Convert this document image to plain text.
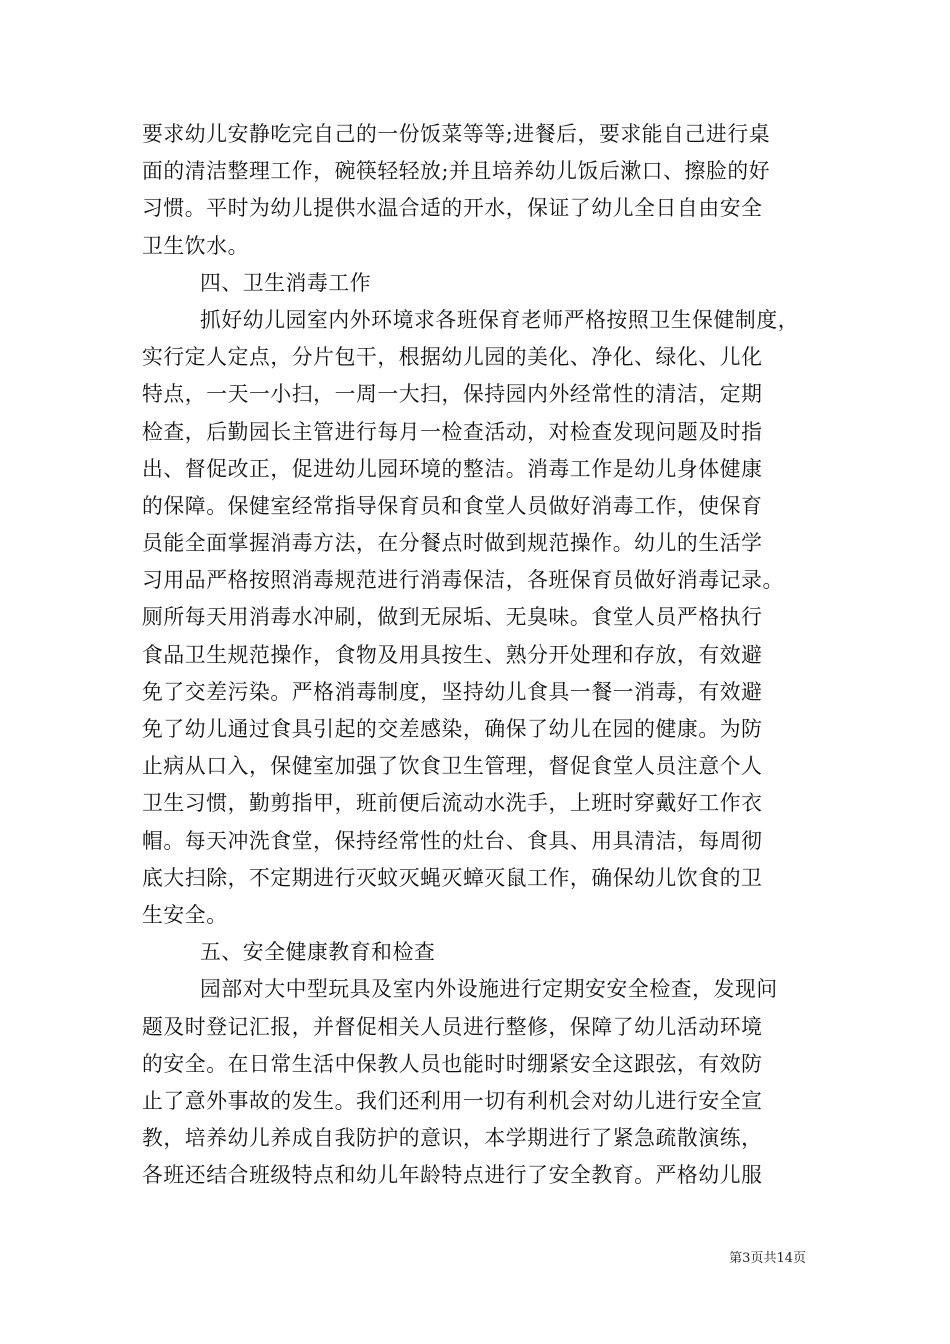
要求幼儿安静吃完自己的一份饭菜等等;进餐后，要求能自己进行桌
面的清洁整理工作，碗筷轻轻放;并且培养幼儿饭后漱口、擦脸的好
习惯。平时为幼儿提供水温合适的开水，保证了幼儿全日自由安全
卫生饮水。
四、卫生消毒工作
抓好幼儿园室内外环境求各班保育老师严格按照卫生保健制度，
实行定人定点，分片包干，根据幼儿园的美化、净化、绿化、儿化
特点，一天一小扫，一周一大扫，保持园内外经常性的清洁，定期
检查，后勤园长主管进行每月一检查活动，对检查发现问题及时指
出、督促改正，促进幼儿园环境的整洁。消毒工作是幼儿身体健康
的保障。保健室经常指导保育员和食堂人员做好消毒工作，使保育
员能全面掌握消毒方法，在分餐点时做到规范操作。幼儿的生活学
习用品严格按照消毒规范进行消毒保洁，各班保育员做好消毒记录。
厕所每天用消毒水冲刷，做到无尿垢、无臭味。食堂人员严格执行
食品卫生规范操作，食物及用具按生、熟分开处理和存放，有效避
免了交差污染。严格消毒制度，坚持幼儿食具一餐一消毒，有效避
免了幼儿通过食具引起的交差感染，确保了幼儿在园的健康。为防
止病从口入，保健室加强了饮食卫生管理，督促食堂人员注意个人
卫生习惯，勤剪指甲，班前便后流动水洗手，上班时穿戴好工作衣
帽。每天冲洗食堂，保持经常性的灶台、食具、用具清洁，每周彻
底大扫除，不定期进行灭蚊灭蝇灭蟑灭鼠工作，确保幼儿饮食的卫
生安全。
五、安全健康教育和检查
园部对大中型玩具及室内外设施进行定期安安全检查，发现问
题及时登记汇报，并督促相关人员进行整修，保障了幼儿活动环境
的安全。在日常生活中保教人员也能时时绷紧安全这跟弦，有效防
止了意外事故的发生。我们还利用一切有利机会对幼儿进行安全宣
教，培养幼儿养成自我防护的意识，本学期进行了紧急疏散演练，
各班还结合班级特点和幼儿年龄特点进行了安全教育。严格幼儿服
第3页共14页
